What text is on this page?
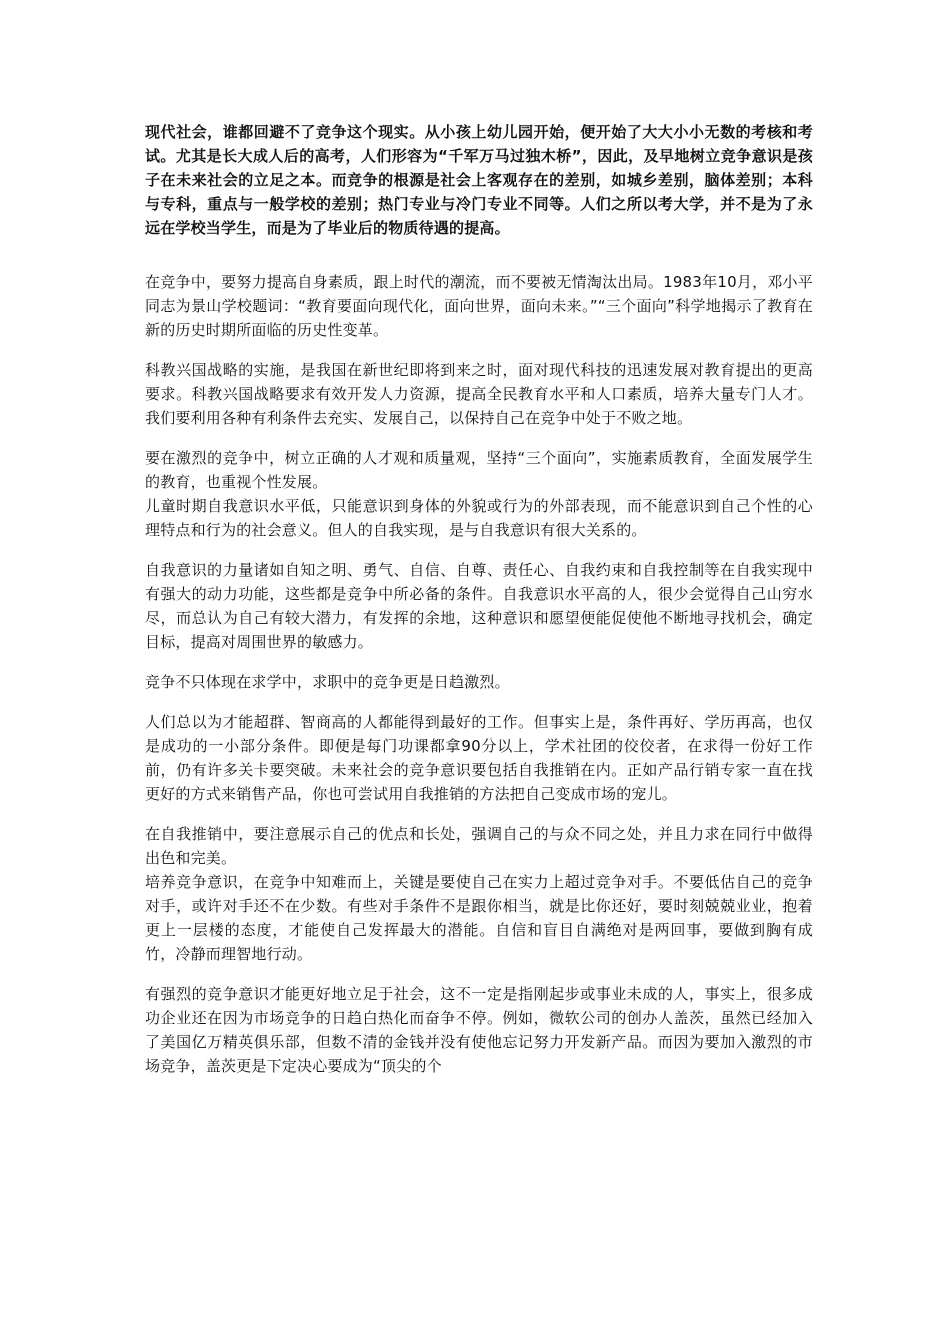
现代社会，谁都回避不了竞争这个现实。从小孩上幼儿园开始，便开始了大大小小无数的考核和考试。尤其是长大成人后的高考，人们形容为“千军万马过独木桥”，因此，及早地树立竞争意识是孩子在未来社会的立足之本。而竞争的根源是社会上客观存在的差别，如城乡差别，脑体差别；本科与专科，重点与一般学校的差别；热门专业与冷门专业不同等。人们之所以考大学，并不是为了永远在学校当学生，而是为了毕业后的物质待遇的提高。

在竞争中，要努力提高自身素质，跟上时代的潮流，而不要被无情淘汰出局。1983年10月，邓小平同志为景山学校题词：“教育要面向现代化，面向世界，面向未来。”“三个面向”科学地揭示了教育在新的历史时期所面临的历史性变革。

科教兴国战略的实施，是我国在新世纪即将到来之时，面对现代科技的迅速发展对教育提出的更高要求。科教兴国战略要求有效开发人力资源，提高全民教育水平和人口素质，培养大量专门人才。我们要利用各种有利条件去充实、发展自己，以保持自己在竞争中处于不败之地。

要在激烈的竞争中，树立正确的人才观和质量观，坚持“三个面向”，实施素质教育，全面发展学生的教育，也重视个性发展。

儿童时期自我意识水平低，只能意识到身体的外貌或行为的外部表现，而不能意识到自己个性的心理特点和行为的社会意义。但人的自我实现，是与自我意识有很大关系的。

自我意识的力量诸如自知之明、勇气、自信、自尊、责任心、自我约束和自我控制等在自我实现中有强大的动力功能，这些都是竞争中所必备的条件。自我意识水平高的人，很少会觉得自己山穷水尽，而总认为自己有较大潜力，有发挥的余地，这种意识和愿望便能促使他不断地寻找机会，确定目标，提高对周围世界的敏感力。

竞争不只体现在求学中，求职中的竞争更是日趋激烈。

人们总以为才能超群、智商高的人都能得到最好的工作。但事实上是，条件再好、学历再高，也仅是成功的一小部分条件。即便是每门功课都拿90分以上，学术社团的佼佼者，在求得一份好工作前，仍有许多关卡要突破。未来社会的竞争意识要包括自我推销在内。正如产品行销专家一直在找更好的方式来销售产品，你也可尝试用自我推销的方法把自己变成市场的宠儿。

在自我推销中，要注意展示自己的优点和长处，强调自己的与众不同之处，并且力求在同行中做得出色和完美。

培养竞争意识，在竞争中知难而上，关键是要使自己在实力上超过竞争对手。不要低估自己的竞争对手，或许对手还不在少数。有些对手条件不是跟你相当，就是比你还好，要时刻兢兢业业，抱着更上一层楼的态度，才能使自己发挥最大的潜能。自信和盲目自满绝对是两回事，要做到胸有成竹，冷静而理智地行动。

有强烈的竞争意识才能更好地立足于社会，这不一定是指刚起步或事业未成的人，事实上，很多成功企业还在因为市场竞争的日趋白热化而奋争不停。例如，微软公司的创办人盖茨，虽然已经加入了美国亿万精英俱乐部，但数不清的金钱并没有使他忘记努力开发新产品。而因为要加入激烈的市场竞争，盖茨更是下定决心要成为“顶尖的个
